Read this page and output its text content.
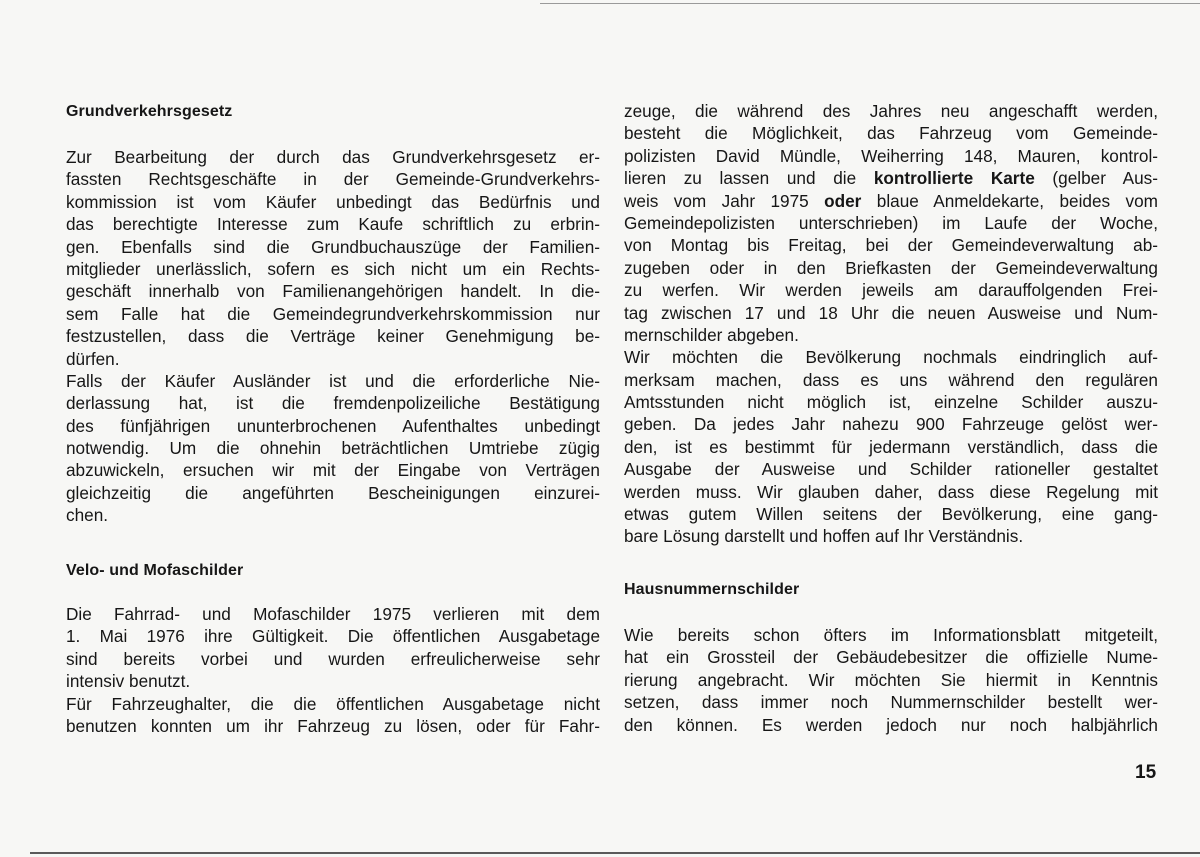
Grundverkehrsgesetz
Zur Bearbeitung der durch das Grundverkehrsgesetz er-
fassten Rechtsgeschäfte in der Gemeinde-Grundverkehrs-
kommission ist vom Käufer unbedingt das Bedürfnis und
das berechtigte Interesse zum Kaufe schriftlich zu erbrin-
gen. Ebenfalls sind die Grundbuchauszüge der Familien-
mitglieder unerlässlich, sofern es sich nicht um ein Rechts-
geschäft innerhalb von Familienangehörigen handelt. In die-
sem Falle hat die Gemeindegrundverkehrskommission nur
festzustellen, dass die Verträge keiner Genehmigung be-
dürfen.
Falls der Käufer Ausländer ist und die erforderliche Nie-
derlassung hat, ist die fremdenpolizeiliche Bestätigung
des fünfjährigen ununterbrochenen Aufenthaltes unbedingt
notwendig. Um die ohnehin beträchtlichen Umtriebe zügig
abzuwickeln, ersuchen wir mit der Eingabe von Verträgen
gleichzeitig die angeführten Bescheinigungen einzurei-
chen.
Velo- und Mofaschilder
Die Fahrrad- und Mofaschilder 1975 verlieren mit dem
1. Mai 1976 ihre Gültigkeit. Die öffentlichen Ausgabetage
sind bereits vorbei und wurden erfreulicherweise sehr
intensiv benutzt.
Für Fahrzeughalter, die die öffentlichen Ausgabetage nicht
benutzen konnten um ihr Fahrzeug zu lösen, oder für Fahr-
zeuge, die während des Jahres neu angeschafft werden,
besteht die Möglichkeit, das Fahrzeug vom Gemeinde-
polizisten David Mündle, Weiherring 148, Mauren, kontrol-
lieren zu lassen und die kontrollierte Karte (gelber Aus-
weis vom Jahr 1975 oder blaue Anmeldekarte, beides vom
Gemeindepolizisten unterschrieben) im Laufe der Woche,
von Montag bis Freitag, bei der Gemeindeverwaltung ab-
zugeben oder in den Briefkasten der Gemeindeverwaltung
zu werfen. Wir werden jeweils am darauffolgenden Frei-
tag zwischen 17 und 18 Uhr die neuen Ausweise und Num-
mernschilder abgeben.
Wir möchten die Bevölkerung nochmals eindringlich auf-
merksam machen, dass es uns während den regulären
Amtsstunden nicht möglich ist, einzelne Schilder auszu-
geben. Da jedes Jahr nahezu 900 Fahrzeuge gelöst wer-
den, ist es bestimmt für jedermann verständlich, dass die
Ausgabe der Ausweise und Schilder rationeller gestaltet
werden muss. Wir glauben daher, dass diese Regelung mit
etwas gutem Willen seitens der Bevölkerung, eine gang-
bare Lösung darstellt und hoffen auf Ihr Verständnis.
Hausnummernschilder
Wie bereits schon öfters im Informationsblatt mitgeteilt,
hat ein Grossteil der Gebäudebesitzer die offizielle Nume-
rierung angebracht. Wir möchten Sie hiermit in Kenntnis
setzen, dass immer noch Nummernschilder bestellt wer-
den können. Es werden jedoch nur noch halbjährlich
15
